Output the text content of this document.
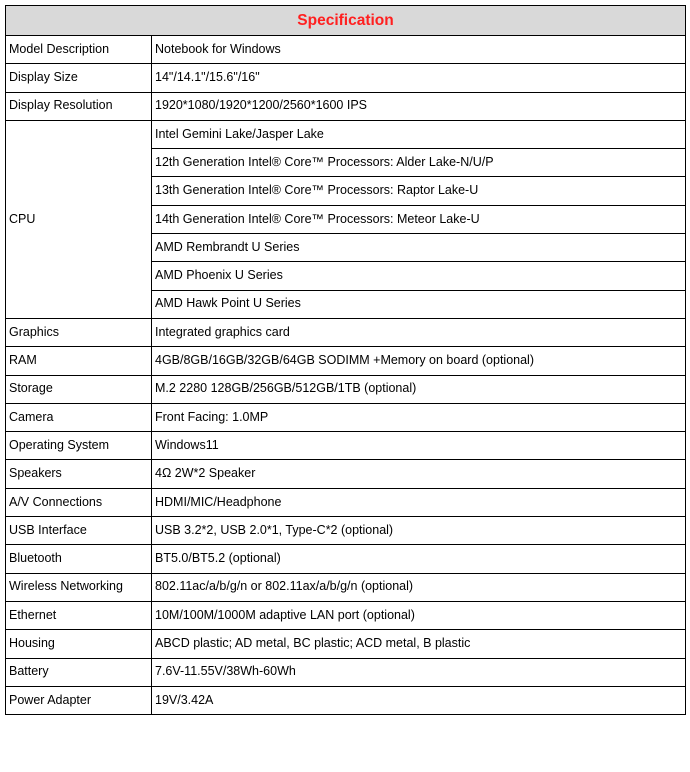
Specification	
Model Description	Notebook for Windows
Display Size	14"/14.1"/15.6"/16"
Display Resolution	1920*1080/1920*1200/2560*1600 IPS
CPU	Intel Gemini Lake/Jasper Lake
	12th Generation Intel® Core™ Processors: Alder Lake-N/U/P
	13th Generation Intel® Core™ Processors: Raptor Lake-U
	14th Generation Intel® Core™ Processors: Meteor Lake-U
	AMD Rembrandt U Series
	AMD Phoenix U Series
	AMD Hawk Point U Series
Graphics	Integrated graphics card
RAM	4GB/8GB/16GB/32GB/64GB SODIMM +Memory on board (optional)
Storage	M.2 2280 128GB/256GB/512GB/1TB (optional)
Camera	Front Facing: 1.0MP
Operating System	Windows11
Speakers	4Ω 2W*2 Speaker
A/V Connections	HDMI/MIC/Headphone
USB Interface	USB 3.2*2, USB 2.0*1, Type-C*2 (optional)
Bluetooth	BT5.0/BT5.2 (optional)
Wireless Networking	802.11ac/a/b/g/n or 802.11ax/a/b/g/n (optional)
Ethernet	10M/100M/1000M adaptive LAN port (optional)
Housing	ABCD plastic; AD metal, BC plastic; ACD metal, B plastic
Battery	7.6V-11.55V/38Wh-60Wh
Power Adapter	19V/3.42A
